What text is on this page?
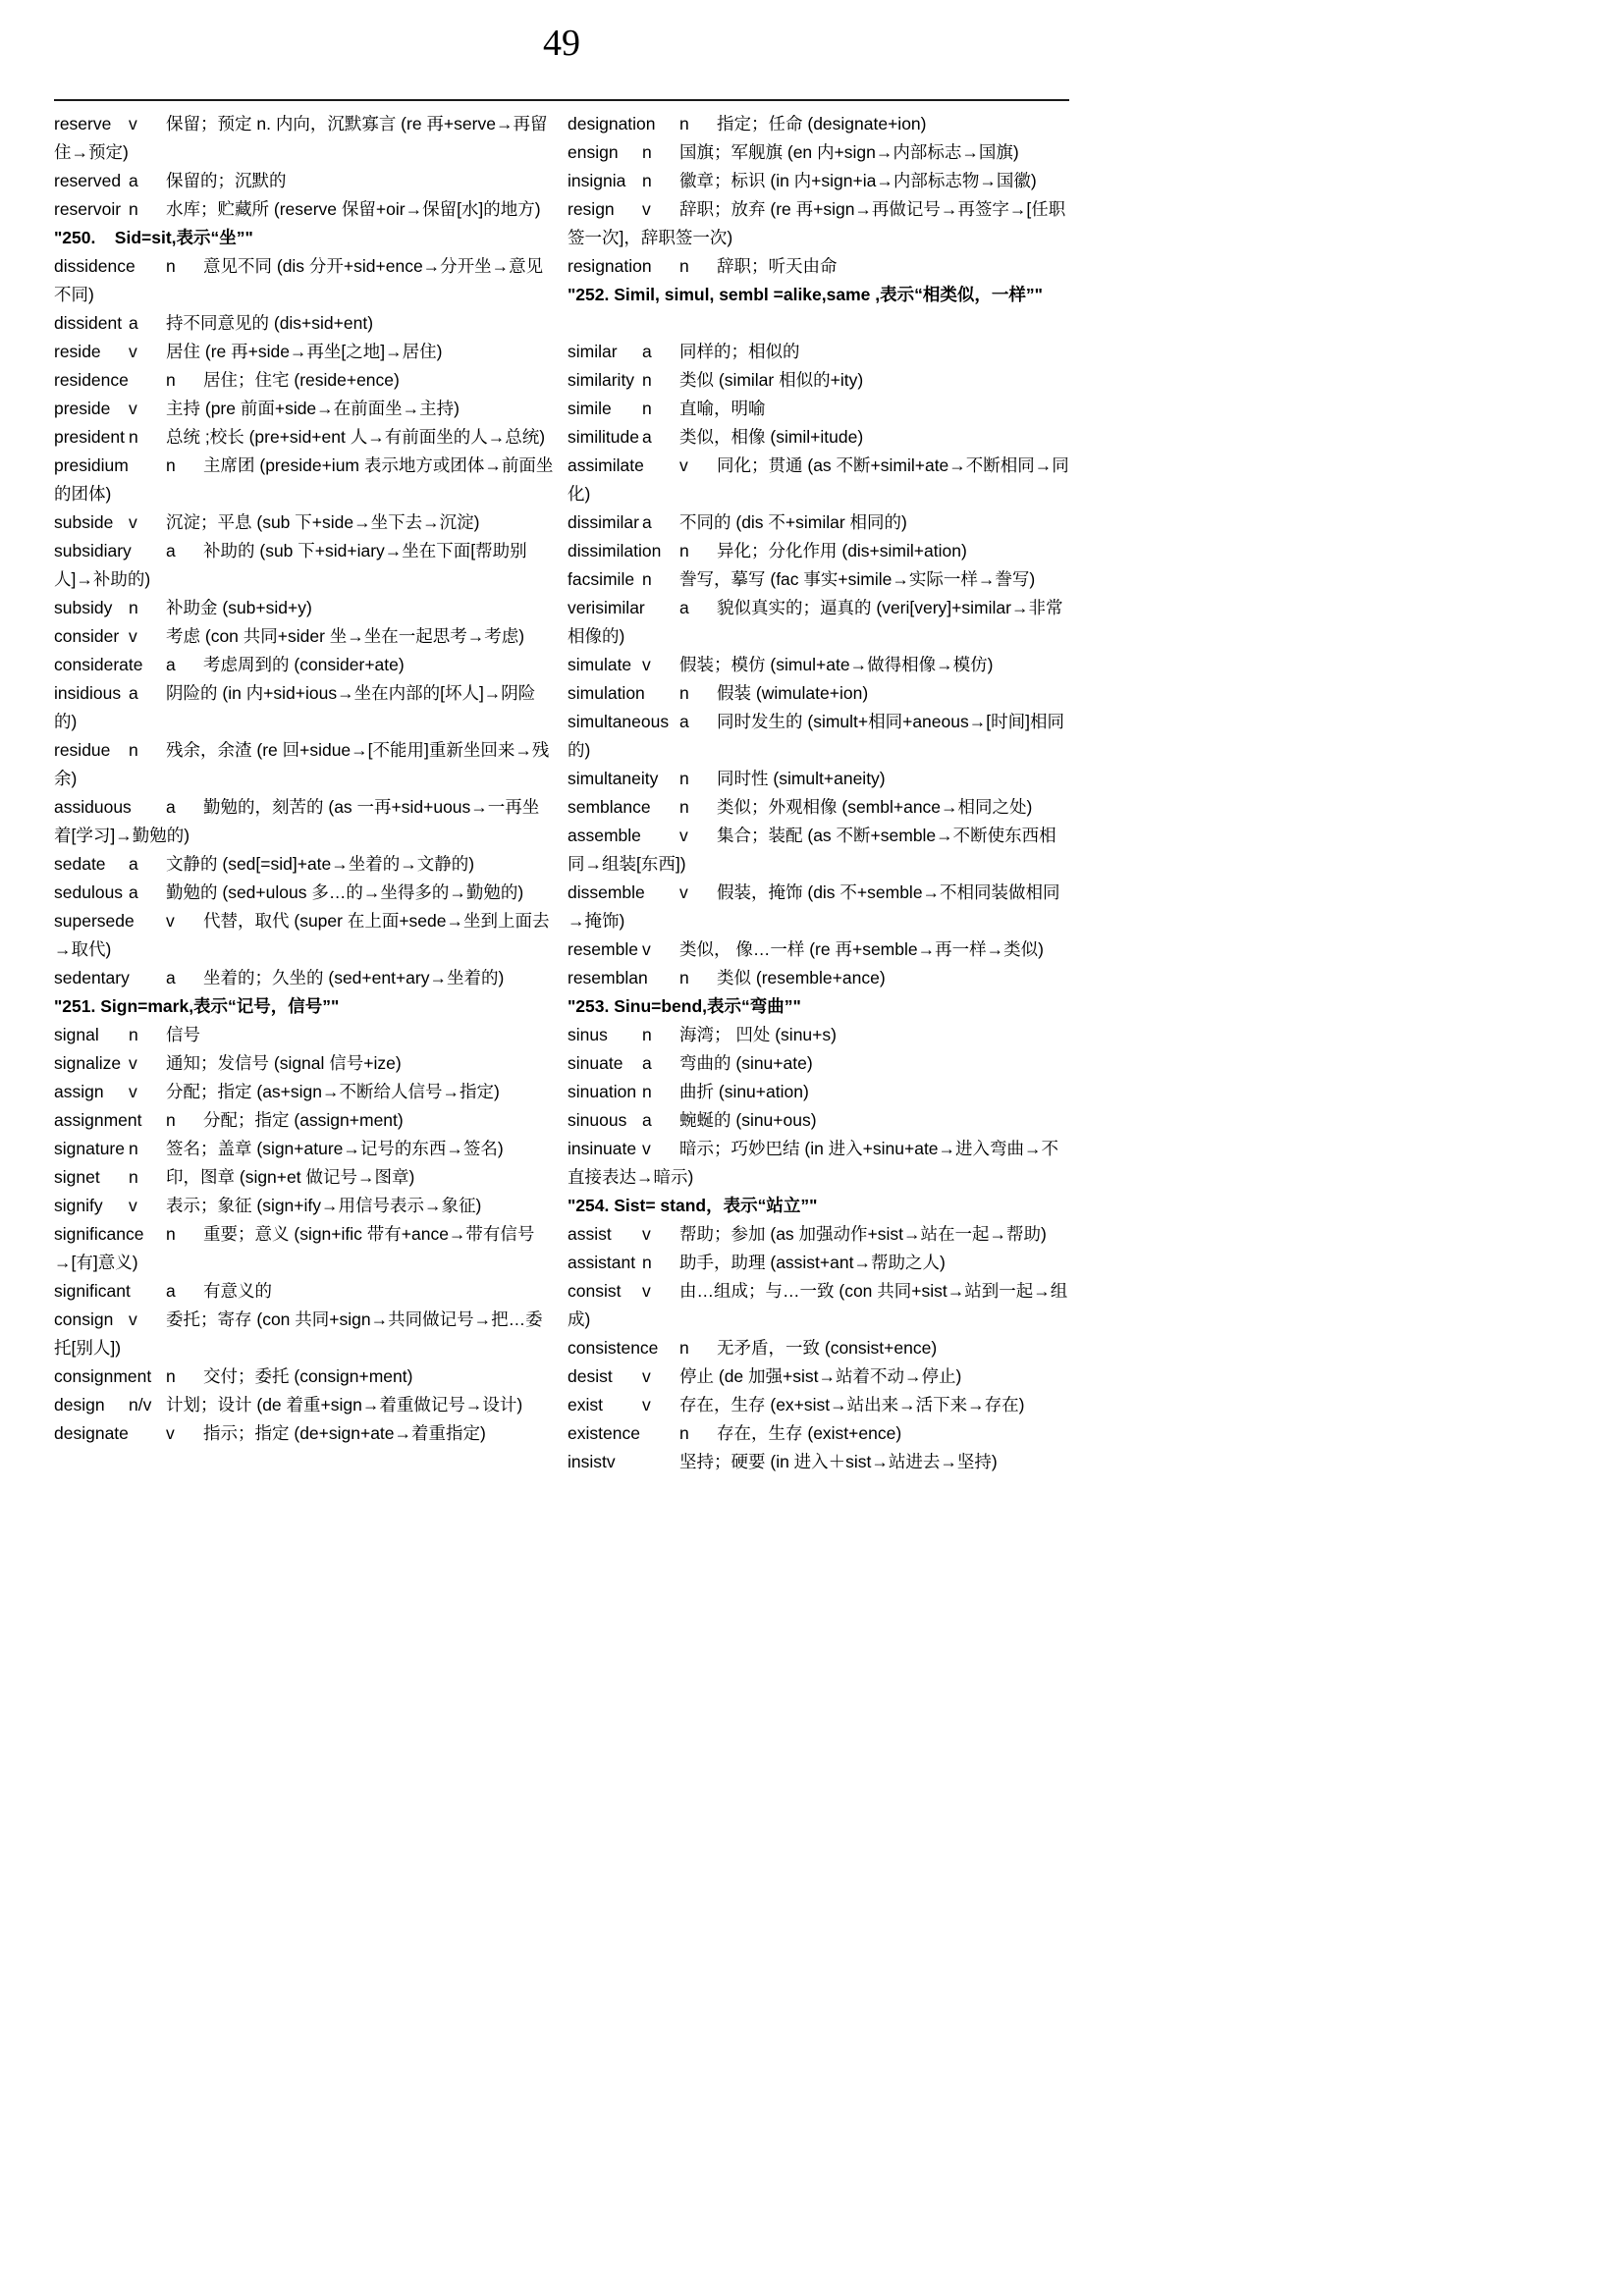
49
reserve	v	保留；预定 n. 内向，沉默寡言 (re 再+serve→再留住→预定)
reserved	a	保留的；沉默的
reservoir	n	水库；贮藏所 (reserve 保留+oir→保留[水]的地方)
"250.    Sid=sit,表示“坐”"
dissidence	n	意见不同 (dis 分开+sid+ence→分开坐→意见不同)
dissident	a	持不同意见的 (dis+sid+ent)
reside	v	居住 (re 再+side→再坐[之地]→居住)
residence	n	居住；住宅 (reside+ence)
preside	v	主持 (pre 前面+side→在前面坐→主持)
president	n	总统 ;校长 (pre+sid+ent 人→有前面坐的人→总统)
presidium	n	主席团 (preside+ium 表示地方或团体→前面坐的团体)
subside	v	沉淀；平息 (sub 下+side→坐下去→沉淀)
subsidiary	a	补助的 (sub 下+sid+iary→坐在下面[帮助别人]→补助的)
subsidy	n	补助金 (sub+sid+y)
consider	v	考虑 (con 共同+sider 坐→坐在一起思考→考虑)
considerate	a	考虑周到的 (consider+ate)
insidious	a	阴险的 (in 内+sid+ious→坐在内部的[坏人]→阴险的)
residue	n	残余，余渣 (re 回+sidue→[不能用]重新坐回来→残余)
assiduous	a	勤勉的，刻苦的 (as 一再+sid+uous→一再坐着[学习]→勤勉的)
sedate	a	文静的 (sed[=sid]+ate→坐着的→文静的)
sedulous	a	勤勉的 (sed+ulous 多…的→坐得多的→勤勉的)
supersede	v	代替，取代 (super 在上面+sede→坐到上面去→取代)
sedentary	a	坐着的；久坐的 (sed+ent+ary→坐着的)
"251. Sign=mark,表示“记号，信号”"
signal	n	信号
signalize	v	通知；发信号 (signal 信号+ize)
assign	v	分配；指定 (as+sign→不断给人信号→指定)
assignment	n	分配；指定 (assign+ment)
signature	n	签名；盖章 (sign+ature→记号的东西→签名)
signet	n	印，图章 (sign+et 做记号→图章)
signify	v	表示；象征 (sign+ify→用信号表示→象征)
significance	n	重要；意义 (sign+ific 带有+ance→带有信号→[有]意义)
significant	a	有意义的
consign	v	委托；寄存 (con 共同+sign→共同做记号→把…委托[别人])
consignment	n	交付；委托 (consign+ment)
design	n/v	计划；设计 (de 着重+sign→着重做记号→设计)
designate	v	指示；指定 (de+sign+ate→着重指定)
designation	n	指定；任命 (designate+ion)
ensign	n	国旗；军舰旗 (en 内+sign→内部标志→国旗)
insignia	n	徽章；标识 (in 内+sign+ia→内部标志物→国徽)
resign	v	辞职；放弃 (re 再+sign→再做记号→再签字→[任职签一次]，辞职签一次)
resignation	n	辞职；听天由命
"252. Simil, simul, sembl =alike,same ,表示“相类似，一样”"
similar	a	同样的；相似的
similarity	n	类似 (similar 相似的+ity)
simile	n	直喻，明喻
similitude	a	类似，相像 (simil+itude)
assimilate	v	同化；贯通 (as 不断+simil+ate→不断相同→同化)
dissimilar	a	不同的 (dis 不+similar 相同的)
dissimilation	n	异化；分化作用 (dis+simil+ation)
facsimile	n	誊写，摹写 (fac 事实+simile→实际一样→誊写)
verisimilar	a	貌似真实的；逼真的 (veri[very]+similar→非常相像的)
simulate	v	假装；模仿 (simul+ate→做得相像→模仿)
simulation	n	假装 (wimulate+ion)
simultaneous	a	同时发生的 (simult+相同+aneous→[时间]相同的)
simultaneity	n	同时性 (simult+aneity)
semblance	n	类似；外观相像 (sembl+ance→相同之处)
assemble	v	集合；装配 (as 不断+semble→不断使东西相同→组装[东西])
dissemble	v	假装，掩饰 (dis 不+semble→不相同装做相同→掩饰)
resemble	v	类似， 像…一样 (re 再+semble→再一样→类似)
resemblan	n	类似 (resemble+ance)
"253. Sinu=bend,表示“弯曲”"
sinus	n	海湾； 凹处 (sinu+s)
sinuate	a	弯曲的 (sinu+ate)
sinuation	n	曲折 (sinu+ation)
sinuous	a	蜿蜒的 (sinu+ous)
insinuate	v	暗示；巧妙巴结 (in 进入+sinu+ate→进入弯曲→不直接表达→暗示)
"254. Sist= stand，表示“站立”"
assist	v	帮助；参加 (as 加强动作+sist→站在一起→帮助)
assistant	n	助手，助理 (assist+ant→帮助之人)
consist	v	由…组成；与…一致 (con 共同+sist→站到一起→组成)
consistence	n	无矛盾，一致 (consist+ence)
desist	v	停止 (de 加强+sist→站着不动→停止)
exist	v	存在，生存 (ex+sist→站出来→活下来→存在)
existence	n	存在，生存 (exist+ence)
insistv			坚持；硬要 (in 进入＋sist→站进去→坚持)
